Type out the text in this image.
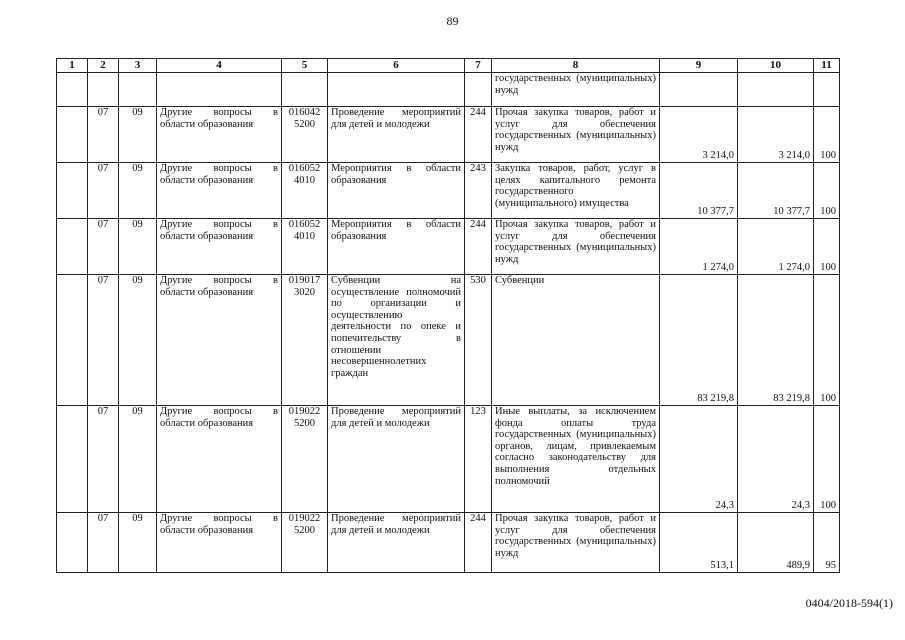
89
1	2	3	4	5	6	7	8	9	10	11
							государственных (муниципальных) нужд			
	07	09	Другие вопросы в области образования	016042 5200	Проведение мероприятий для детей и молодежи	244	Прочая закупка товаров, работ и услуг для обеспечения государственных (муниципальных) нужд	3 214,0	3 214,0	100
	07	09	Другие вопросы в области образования	016052 4010	Мероприятия в области образования	243	Закупка товаров, работ, услуг в целях капитального ремонта государственного (муниципального) имущества	10 377,7	10 377,7	100
	07	09	Другие вопросы в области образования	016052 4010	Мероприятия в области образования	244	Прочая закупка товаров, работ и услуг для обеспечения государственных (муниципальных) нужд	1 274,0	1 274,0	100
	07	09	Другие вопросы в области образования	019017 3020	Субвенции на осуществление полномочий по организации и осуществлению деятельности по опеке и попечительству в отношении несовершеннолетних граждан	530	Субвенции	83 219,8	83 219,8	100
	07	09	Другие вопросы в области образования	019022 5200	Проведение мероприятий для детей и молодежи	123	Иные выплаты, за исключением фонда оплаты труда государственных (муниципальных) органов, лицам, привлекаемым согласно законодательству для выполнения отдельных полномочий	24,3	24,3	100
	07	09	Другие вопросы в области образования	019022 5200	Проведение мероприятий для детей и молодежи	244	Прочая закупка товаров, работ и услуг для обеспечения государственных (муниципальных) нужд	513,1	489,9	95
0404/2018-594(1)
